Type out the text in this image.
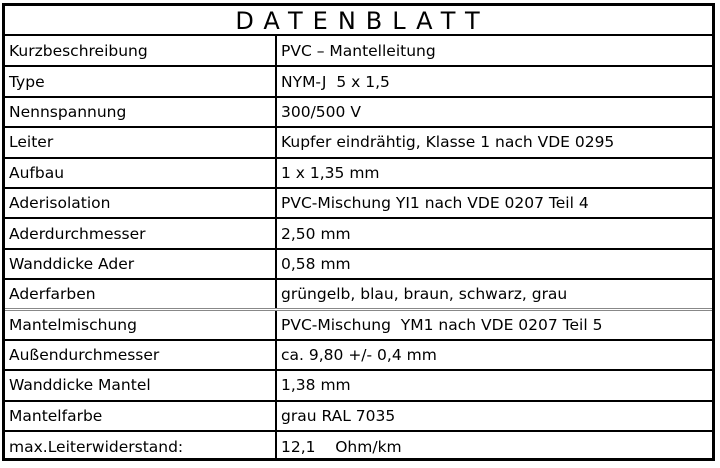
DATENBLATT
Kurzbeschreibung	PVC – Mantelleitung
Type	NYM-J  5 x 1,5
Nennspannung	300/500 V
Leiter	Kupfer eindrähtig, Klasse 1 nach VDE 0295
Aufbau	1 x 1,35 mm
Aderisolation	PVC-Mischung YI1 nach VDE 0207 Teil 4
Aderdurchmesser	2,50 mm
Wanddicke Ader	0,58 mm
Aderfarben	grüngelb, blau, braun, schwarz, grau
Mantelmischung	PVC-Mischung  YM1 nach VDE 0207 Teil 5
Außendurchmesser	ca. 9,80 +/- 0,4 mm
Wanddicke Mantel	1,38 mm
Mantelfarbe	grau RAL 7035
max.Leiterwiderstand:	12,1    Ohm/km
